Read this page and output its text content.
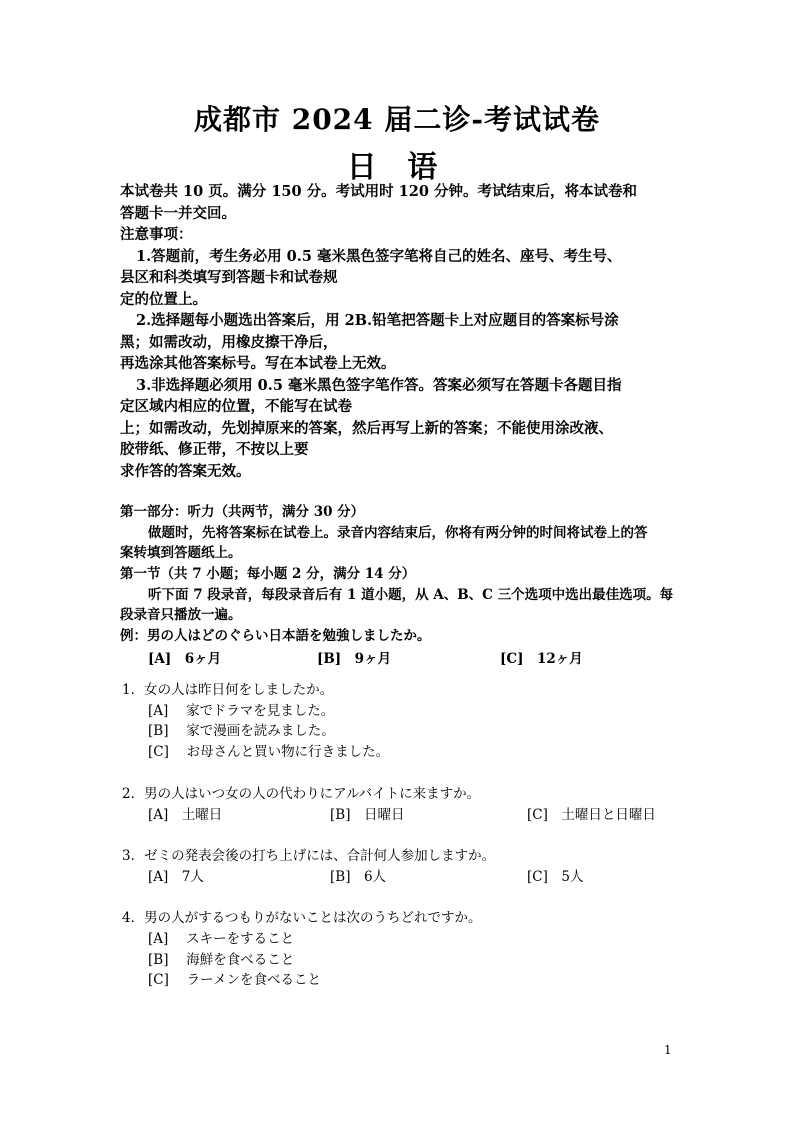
成都市 2024 届二诊-考试试卷
日 语
本试卷共 10 页。满分 150 分。考试用时 120 分钟。考试结束后，将本试卷和
答题卡一并交回。
注意事项：
1.答题前，考生务必用 0.5 毫米黑色签字笔将自己的姓名、座号、考生号、
县区和科类填写到答题卡和试卷规
定的位置上。
2.选择题每小题选出答案后，用 2B.铅笔把答题卡上对应题目的答案标号涂
黑；如需改动，用橡皮擦干净后，
再选涂其他答案标号。写在本试卷上无效。
3.非选择题必须用 0.5 毫米黑色签字笔作答。答案必须写在答题卡各题目指
定区域内相应的位置，不能写在试卷
上；如需改动，先划掉原来的答案，然后再写上新的答案；不能使用涂改液、
胶带纸、修正带，不按以上要
求作答的答案无效。
第一部分：听力（共两节，满分 30 分）
做题时，先将答案标在试卷上。录音内容结束后，你将有两分钟的时间将试卷上的答
案转填到答题纸上。
第一节（共 7 小题；每小题 2 分，满分 14 分）
听下面 7 段录音，每段录音后有 1 道小题，从 A、B、C 三个选项中选出最佳选项。每
段录音只播放一遍。
例：男の人はどのぐらい日本語を勉強しましたか。
[A]　6ヶ月	[B]　9ヶ月	[C]　12ヶ月
1．女の人は昨日何をしましたか。
[A]　 家でドラマを見ました。
[B]　 家で漫画を読みました。
[C]　 お母さんと買い物に行きました。
2．男の人はいつ女の人の代わりにアルバイトに来ますか。
[A]　土曜日	[B]　日曜日	[C]　土曜日と日曜日
3．ゼミの発表会後の打ち上げには、合計何人参加しますか。
[A]　7人	[B]　6人	[C]　5人
4．男の人がするつもりがないことは次のうちどれですか。
[A]　 スキーをすること
[B]　 海鮮を食べること
[C]　 ラーメンを食べること
1
